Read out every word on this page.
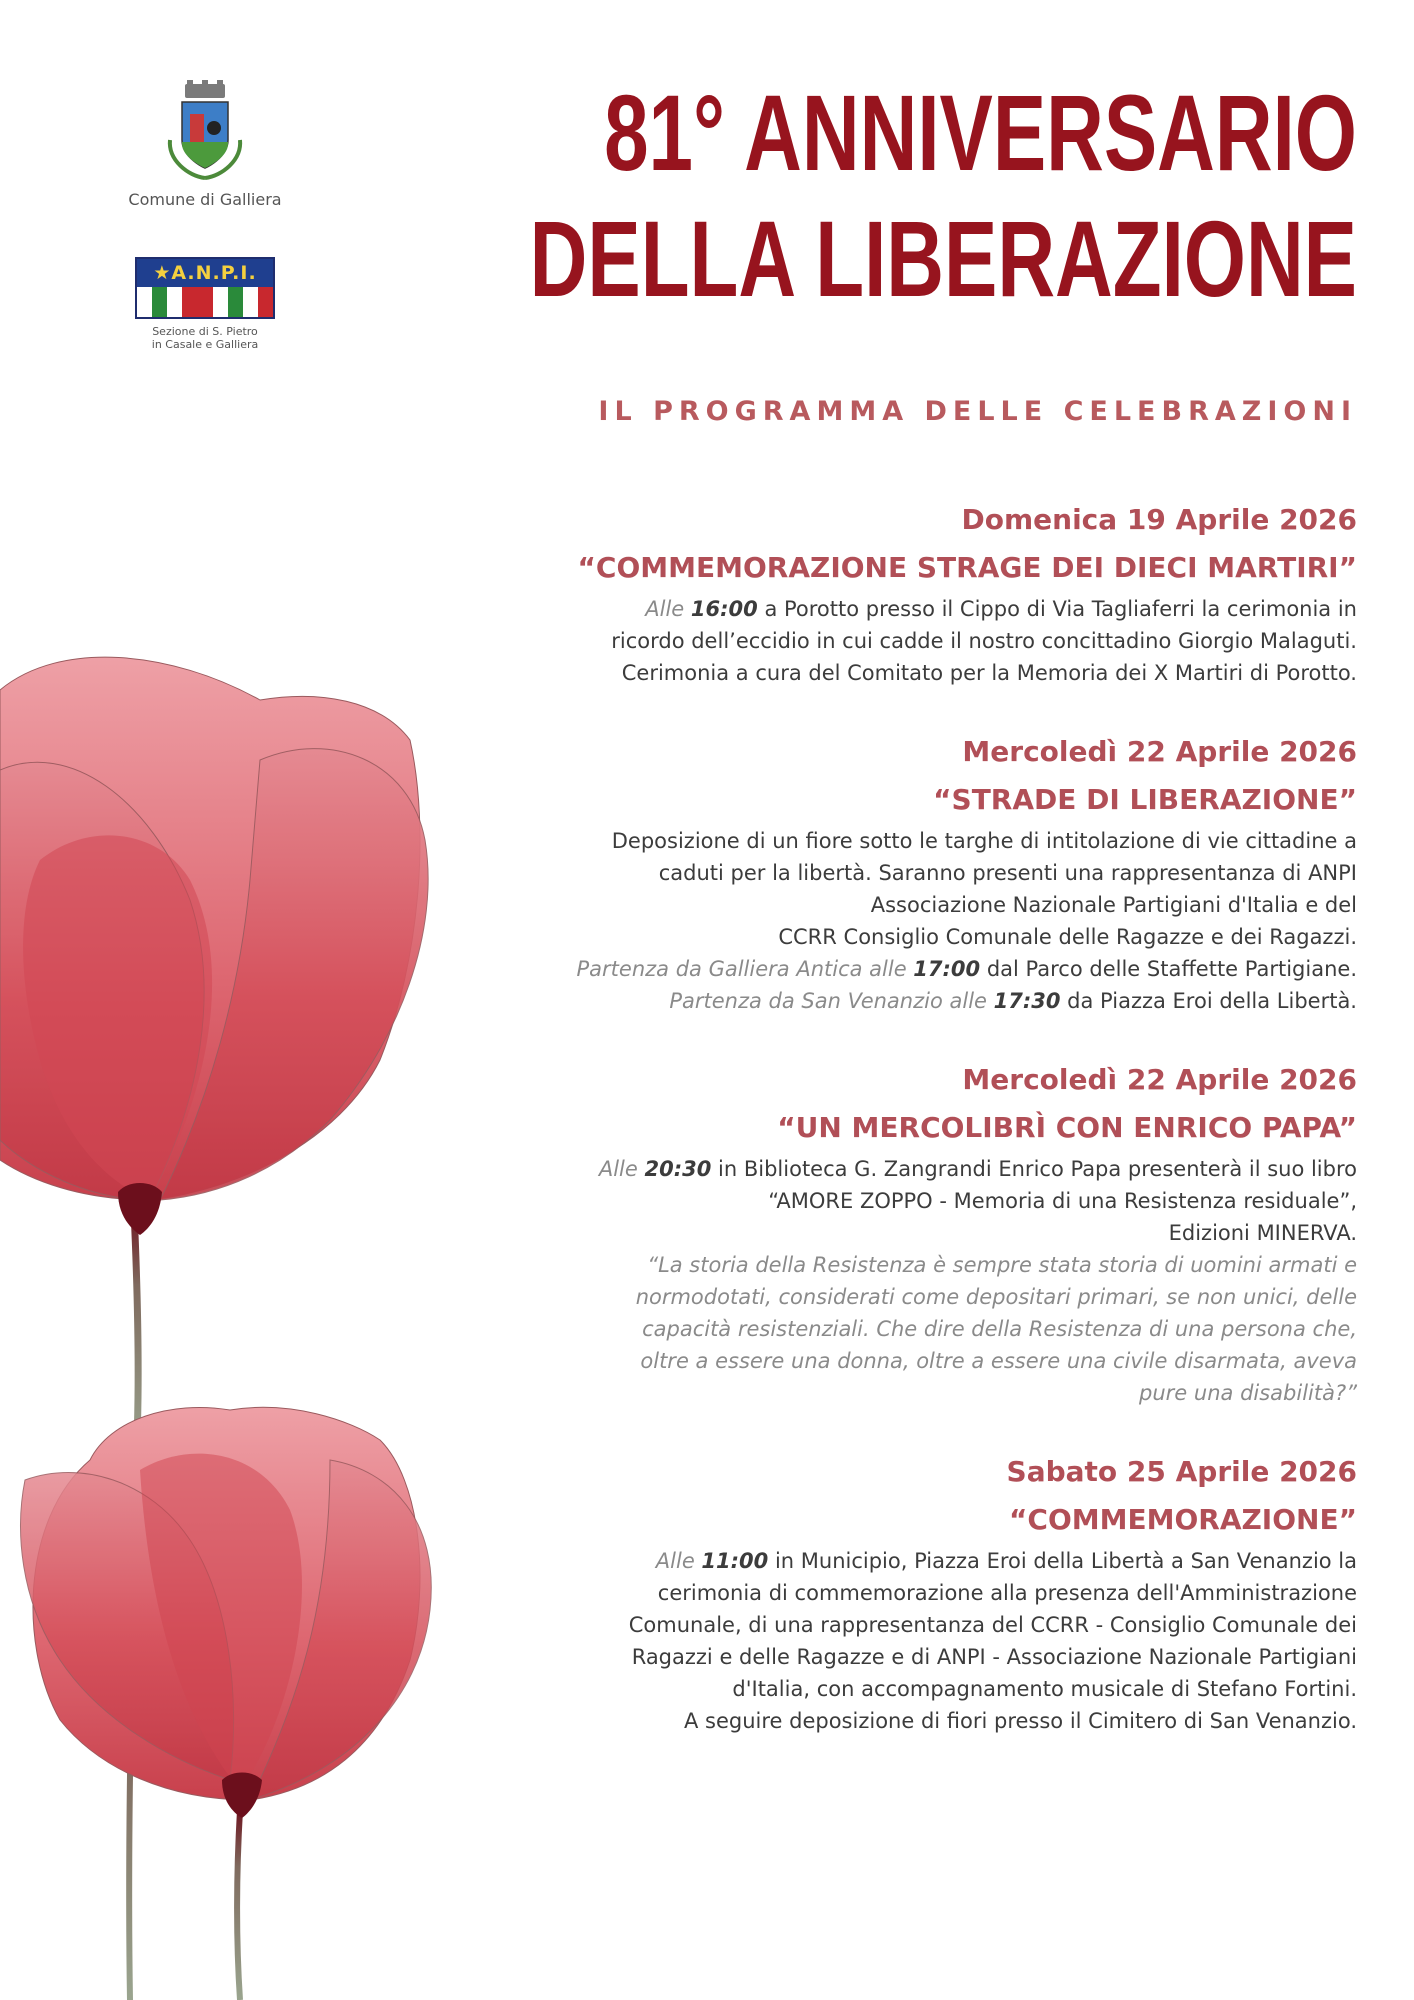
Comune di Galliera
★A.N.P.I.
Sezione di S. Pietro
in Casale e Galliera
81° ANNIVERSARIO
DELLA LIBERAZIONE
IL PROGRAMMA DELLE CELEBRAZIONI
Domenica 19 Aprile 2026
“COMMEMORAZIONE STRAGE DEI DIECI MARTIRI”
Alle 16:00 a Porotto presso il Cippo di Via Tagliaferri la cerimonia in
ricordo dell’eccidio in cui cadde il nostro concittadino Giorgio Malaguti.
Cerimonia a cura del Comitato per la Memoria dei X Martiri di Porotto.
Mercoledì 22 Aprile 2026
“STRADE DI LIBERAZIONE”
Deposizione di un fiore sotto le targhe di intitolazione di vie cittadine a
caduti per la libertà. Saranno presenti una rappresentanza di ANPI
Associazione Nazionale Partigiani d'Italia e del
CCRR Consiglio Comunale delle Ragazze e dei Ragazzi.
Partenza da Galliera Antica alle 17:00 dal Parco delle Staffette Partigiane.
Partenza da San Venanzio alle 17:30 da Piazza Eroi della Libertà.
Mercoledì 22 Aprile 2026
“UN MERCOLIBRÌ CON ENRICO PAPA”
Alle 20:30 in Biblioteca G. Zangrandi Enrico Papa presenterà il suo libro
“AMORE ZOPPO - Memoria di una Resistenza residuale”,
Edizioni MINERVA.
“La storia della Resistenza è sempre stata storia di uomini armati e
normodotati, considerati come depositari primari, se non unici, delle
capacità resistenziali. Che dire della Resistenza di una persona che,
oltre a essere una donna, oltre a essere una civile disarmata, aveva
pure una disabilità?”
Sabato 25 Aprile 2026
“COMMEMORAZIONE”
Alle 11:00 in Municipio, Piazza Eroi della Libertà a San Venanzio la
cerimonia di commemorazione alla presenza dell'Amministrazione
Comunale, di una rappresentanza del CCRR - Consiglio Comunale dei
Ragazzi e delle Ragazze e di ANPI - Associazione Nazionale Partigiani
d'Italia, con accompagnamento musicale di Stefano Fortini.
A seguire deposizione di fiori presso il Cimitero di San Venanzio.
